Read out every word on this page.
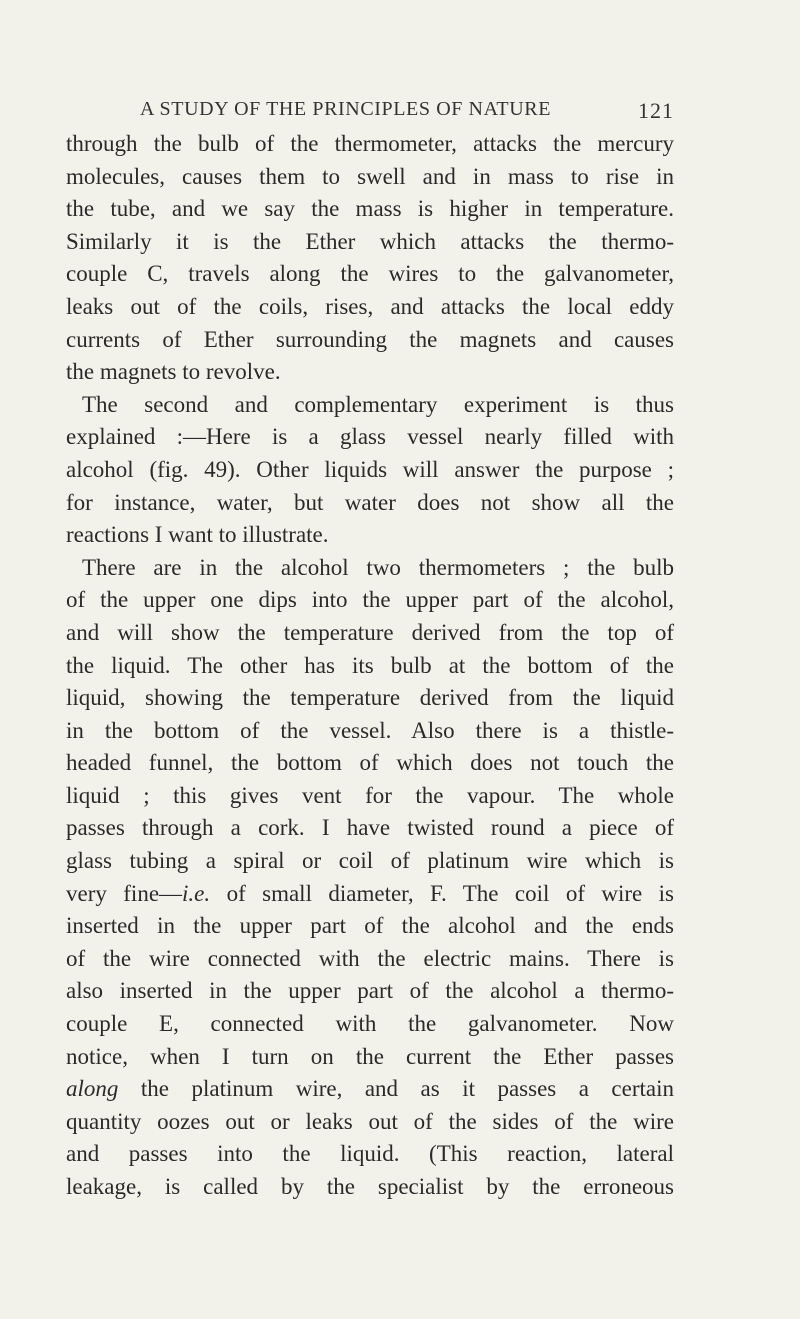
A STUDY OF THE PRINCIPLES OF NATURE	121
through the bulb of the thermometer, attacks the mercury
molecules, causes them to swell and in mass to rise in
the tube, and we say the mass is higher in temperature.
Similarly it is the Ether which attacks the thermo-
couple C, travels along the wires to the galvanometer,
leaks out of the coils, rises, and attacks the local eddy
currents of Ether surrounding the magnets and causes
the magnets to revolve.
The second and complementary experiment is thus
explained :—Here is a glass vessel nearly filled with
alcohol (fig. 49). Other liquids will answer the purpose ;
for instance, water, but water does not show all the
reactions I want to illustrate.
There are in the alcohol two thermometers ; the bulb
of the upper one dips into the upper part of the alcohol,
and will show the temperature derived from the top of
the liquid. The other has its bulb at the bottom of the
liquid, showing the temperature derived from the liquid
in the bottom of the vessel. Also there is a thistle-
headed funnel, the bottom of which does not touch the
liquid ; this gives vent for the vapour. The whole
passes through a cork. I have twisted round a piece of
glass tubing a spiral or coil of platinum wire which is
very fine—i.e. of small diameter, F. The coil of wire is
inserted in the upper part of the alcohol and the ends
of the wire connected with the electric mains. There is
also inserted in the upper part of the alcohol a thermo-
couple E, connected with the galvanometer. Now
notice, when I turn on the current the Ether passes
along the platinum wire, and as it passes a certain
quantity oozes out or leaks out of the sides of the wire
and passes into the liquid. (This reaction, lateral
leakage, is called by the specialist by the erroneous
